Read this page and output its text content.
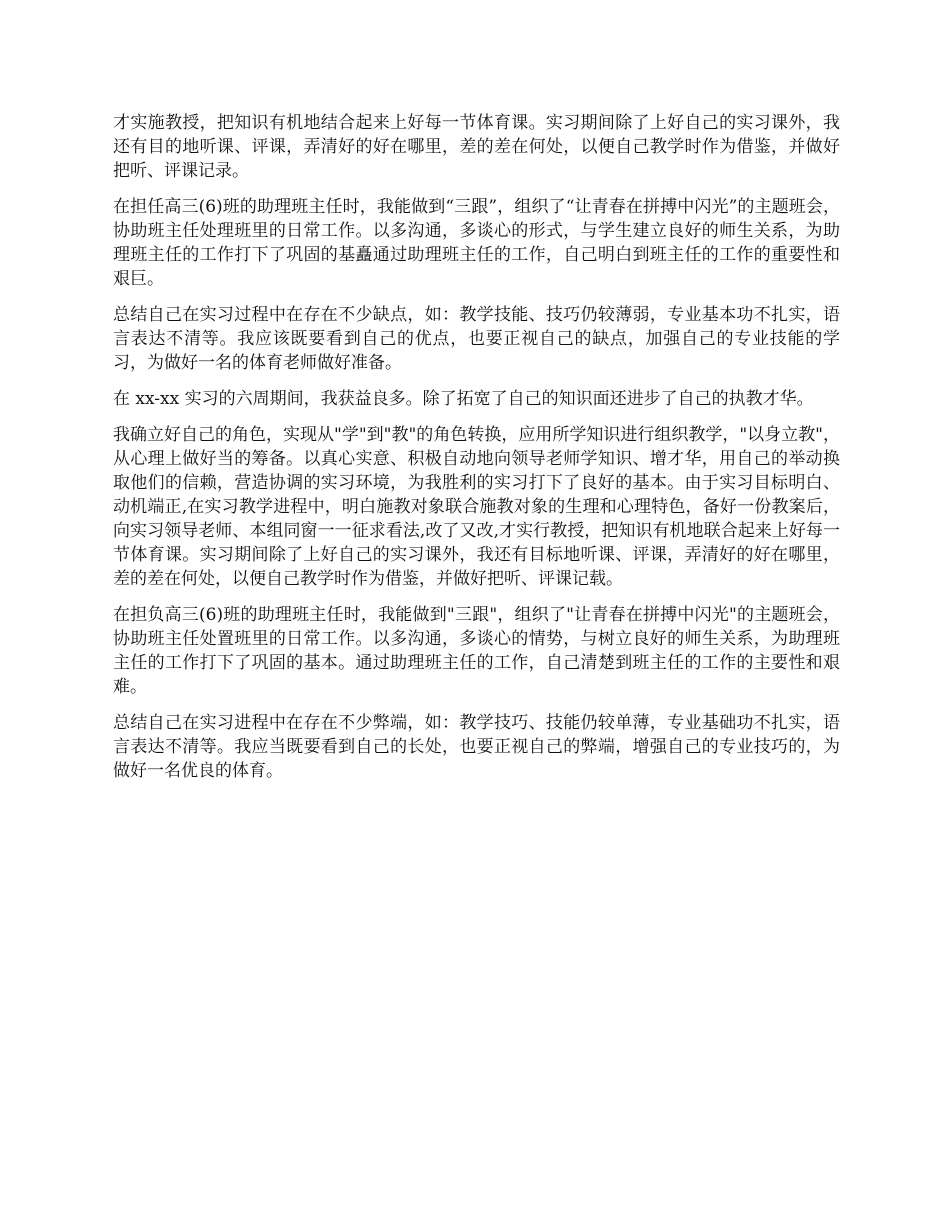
才实施教授，把知识有机地结合起来上好每一节体育课。实习期间除了上好自己的实习课外，我还有目的地听课、评课，弄清好的好在哪里，差的差在何处，以便自己教学时作为借鉴，并做好把听、评课记录。

在担任高三(6)班的助理班主任时，我能做到“三跟”，组织了“让青春在拼搏中闪光”的主题班会，协助班主任处理班里的日常工作。以多沟通，多谈心的形式，与学生建立良好的师生关系，为助理班主任的工作打下了巩固的基矗通过助理班主任的工作，自己明白到班主任的工作的重要性和艰巨。

总结自己在实习过程中在存在不少缺点，如：教学技能、技巧仍较薄弱，专业基本功不扎实，语言表达不清等。我应该既要看到自己的优点，也要正视自己的缺点，加强自己的专业技能的学习，为做好一名的体育老师做好准备。

在 xx-xx 实习的六周期间，我获益良多。除了拓宽了自己的知识面还进步了自己的执教才华。

我确立好自己的角色，实现从"学"到"教"的角色转换，应用所学知识进行组织教学，"以身立教"，从心理上做好当的筹备。以真心实意、积极自动地向领导老师学知识、增才华，用自己的举动换取他们的信赖，营造协调的实习环境，为我胜利的实习打下了良好的基本。由于实习目标明白、动机端正,在实习教学进程中，明白施教对象联合施教对象的生理和心理特色，备好一份教案后，向实习领导老师、本组同窗一一征求看法,改了又改,才实行教授，把知识有机地联合起来上好每一节体育课。实习期间除了上好自己的实习课外，我还有目标地听课、评课，弄清好的好在哪里，差的差在何处，以便自己教学时作为借鉴，并做好把听、评课记载。

在担负高三(6)班的助理班主任时，我能做到"三跟"，组织了"让青春在拼搏中闪光"的主题班会，协助班主任处置班里的日常工作。以多沟通，多谈心的情势，与树立良好的师生关系，为助理班主任的工作打下了巩固的基本。通过助理班主任的工作，自己清楚到班主任的工作的主要性和艰难。

总结自己在实习进程中在存在不少弊端，如：教学技巧、技能仍较单薄，专业基础功不扎实，语言表达不清等。我应当既要看到自己的长处，也要正视自己的弊端，增强自己的专业技巧的，为做好一名优良的体育。
